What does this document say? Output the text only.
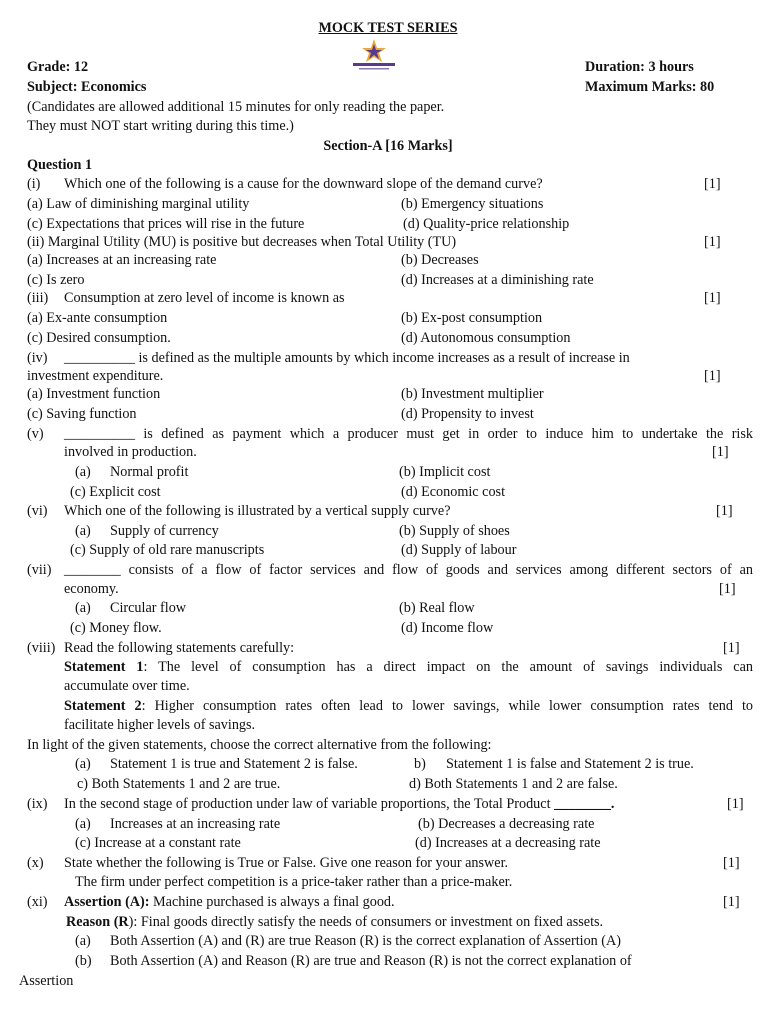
MOCK TEST SERIES
Grade: 12
Subject: Economics
Duration: 3 hours
Maximum Marks: 80
(Candidates are allowed additional 15 minutes for only reading the paper.
They must NOT start writing during this time.)
Section-A [16 Marks]
Question 1
(i) Which one of the following is a cause for the downward slope of the demand curve?	[1]
(a) Law of diminishing marginal utility	(b) Emergency situations
(c) Expectations that prices will rise in the future	(d) Quality-price relationship
(ii) Marginal Utility (MU) is positive but decreases when Total Utility (TU)	[1]
(a) Increases at an increasing rate	(b) Decreases
(c) Is zero	(d) Increases at a diminishing rate
(iii) Consumption at zero level of income is known as	[1]
(a) Ex-ante consumption	(b) Ex-post consumption
(c) Desired consumption.	(d) Autonomous consumption
(iv) __________ is defined as the multiple amounts by which income increases as a result of increase in
investment expenditure.	[1]
(a) Investment function	(b) Investment multiplier
(c) Saving function	(d) Propensity to invest
(v) __________ is defined as payment which a producer must get in order to induce him to undertake the risk
involved in production.	[1]
(a) Normal profit	(b) Implicit cost
(c) Explicit cost	(d) Economic cost
(vi) Which one of the following is illustrated by a vertical supply curve?	[1]
(a) Supply of currency	(b) Supply of shoes
(c) Supply of old rare manuscripts	(d) Supply of labour
(vii) ________ consists of a flow of factor services and flow of goods and services among different sectors of an
economy.	[1]
(a) Circular flow	(b) Real flow
(c) Money flow.	(d) Income flow
(viii) Read the following statements carefully:	[1]
Statement 1: The level of consumption has a direct impact on the amount of savings individuals can
accumulate over time.
Statement 2: Higher consumption rates often lead to lower savings, while lower consumption rates tend to
facilitate higher levels of savings.
In light of the given statements, choose the correct alternative from the following:
(a) Statement 1 is true and Statement 2 is false.	b) Statement 1 is false and Statement 2 is true.
c) Both Statements 1 and 2 are true.	d) Both Statements 1 and 2 are false.
(ix) In the second stage of production under law of variable proportions, the Total Product ________.	[1]
(a) Increases at an increasing rate	(b) Decreases a decreasing rate
(c) Increase at a constant rate	(d) Increases at a decreasing rate
(x) State whether the following is True or False. Give one reason for your answer.	[1]
The firm under perfect competition is a price-taker rather than a price-maker.
(xi) Assertion (A): Machine purchased is always a final good.	[1]
Reason (R): Final goods directly satisfy the needs of consumers or investment on fixed assets.
(a) Both Assertion (A) and (R) are true Reason (R) is the correct explanation of Assertion (A)
(b) Both Assertion (A) and Reason (R) are true and Reason (R) is not the correct explanation of
Assertion
